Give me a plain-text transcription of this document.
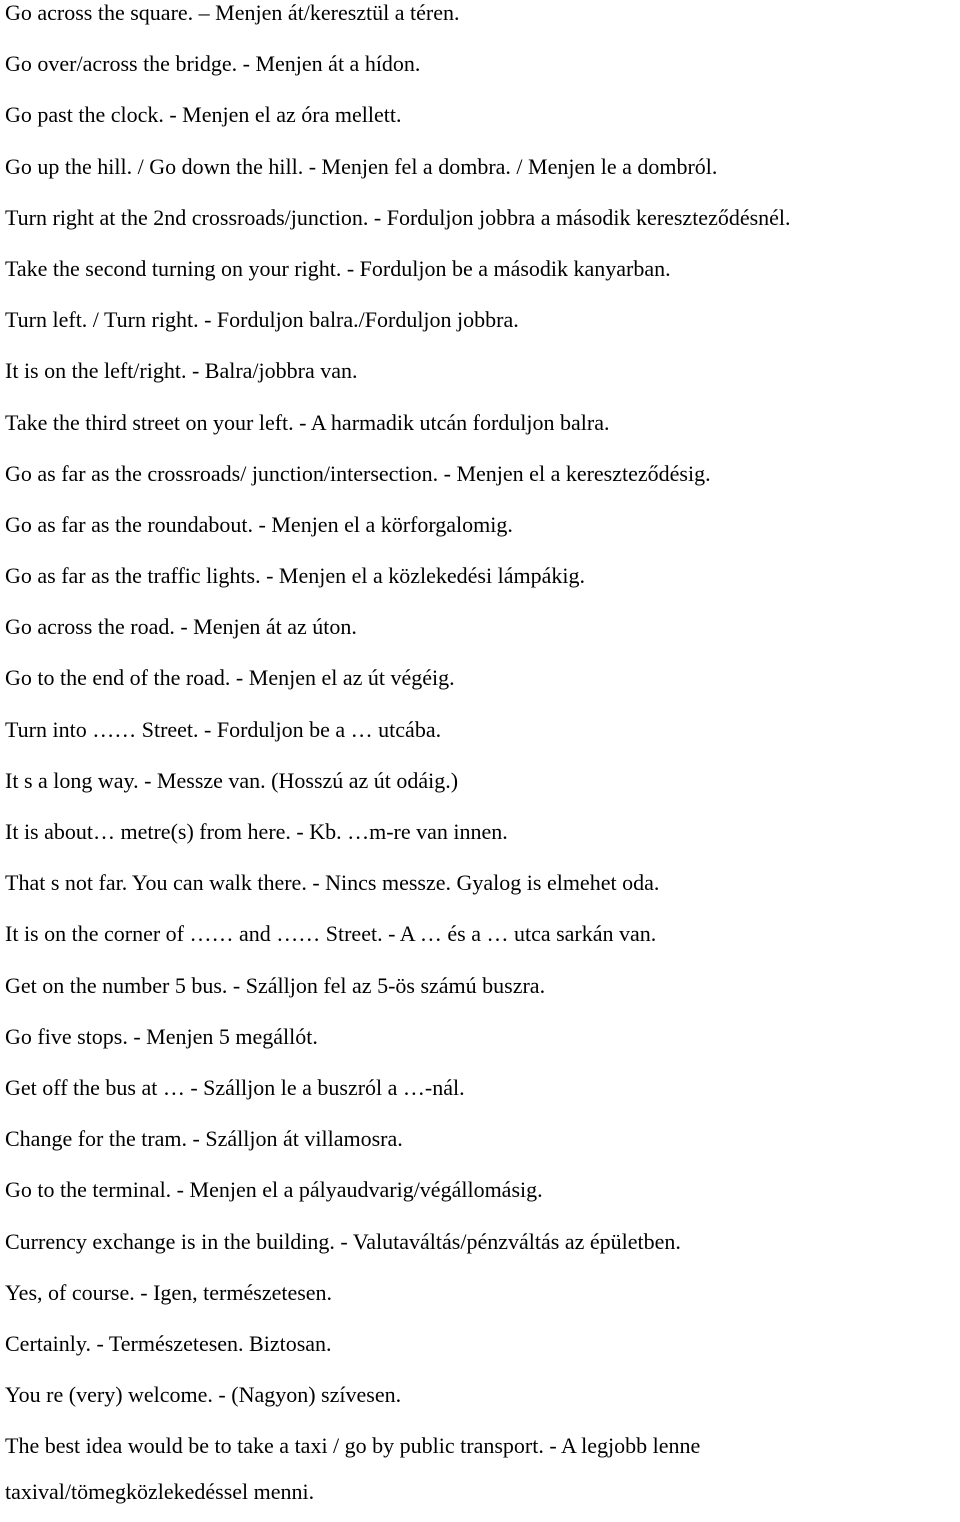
Go across the square. – Menjen át/keresztül a téren.
Go over/across the bridge. - Menjen át a hídon.
Go past the clock. - Menjen el az óra mellett.
Go up the hill. / Go down the hill. - Menjen fel a dombra. / Menjen le a dombról.
Turn right at the 2nd crossroads/junction. - Forduljon jobbra a második kereszteződésnél.
Take the second turning on your right. - Forduljon be a második kanyarban.
Turn left. / Turn right. - Forduljon balra./Forduljon jobbra.
It is on the left/right. - Balra/jobbra van.
Take the third street on your left. - A harmadik utcán forduljon balra.
Go as far as the crossroads/ junction/intersection. - Menjen el a kereszteződésig.
Go as far as the roundabout. - Menjen el a körforgalomig.
Go as far as the traffic lights. - Menjen el a közlekedési lámpákig.
Go across the road. - Menjen át az úton.
Go to the end of the road. - Menjen el az út végéig.
Turn into …… Street. - Forduljon be a … utcába.
It s a long way. - Messze van. (Hosszú az út odáig.)
It is about… metre(s) from here. - Kb. …m-re van innen.
That s not far. You can walk there. - Nincs messze. Gyalog is elmehet oda.
It is on the corner of …… and …… Street. - A … és a … utca sarkán van.
Get on the number 5 bus. - Szálljon fel az 5-ös számú buszra.
Go five stops. - Menjen 5 megállót.
Get off the bus at … - Szálljon le a buszról a …-nál.
Change for the tram. - Szálljon át villamosra.
Go to the terminal. - Menjen el a pályaudvarig/végállomásig.
Currency exchange is in the building. - Valutaváltás/pénzváltás az épületben.
Yes, of course. - Igen, természetesen.
Certainly. - Természetesen. Biztosan.
You re (very) welcome. - (Nagyon) szívesen.
The best idea would be to take a taxi / go by public transport. - A legjobb lenne
taxival/tömegközlekedéssel menni.
